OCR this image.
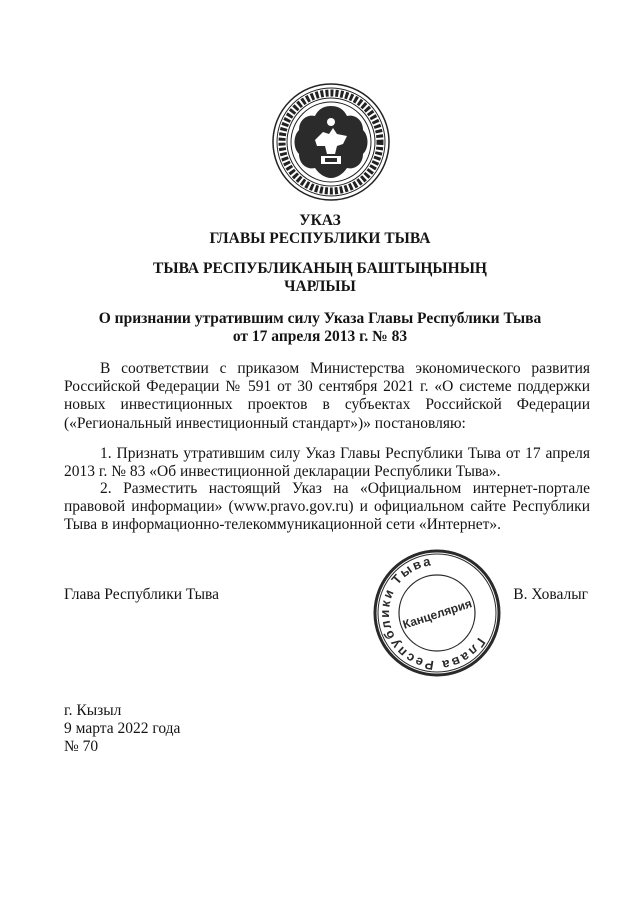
УКАЗ
ГЛАВЫ РЕСПУБЛИКИ ТЫВА
ТЫВА РЕСПУБЛИКАНЫҢ БАШТЫҢЫНЫҢ
ЧАРЛЫЫ
О признании утратившим силу Указа Главы Республики Тыва
от 17 апреля 2013 г. № 83
В соответствии с приказом Министерства экономического развития
Российской Федерации № 591 от 30 сентября 2021 г. «О системе поддержки
новых инвестиционных проектов в субъектах Российской Федерации
(«Региональный инвестиционный стандарт»)» постановляю:
1. Признать утратившим силу Указ Главы Республики Тыва от 17 апреля
2013 г. № 83 «Об инвестиционной декларации Республики Тыва».
2. Разместить настоящий Указ на «Официальном интернет-портале
правовой информации» (www.pravo.gov.ru) и официальном сайте Республики
Тыва в информационно-телекоммуникационной сети «Интернет».
Глава Республики Тыва	В. Ховалыг
Глава Республики Тыва
Канцелярия
г. Кызыл
9 марта 2022 года
№ 70
